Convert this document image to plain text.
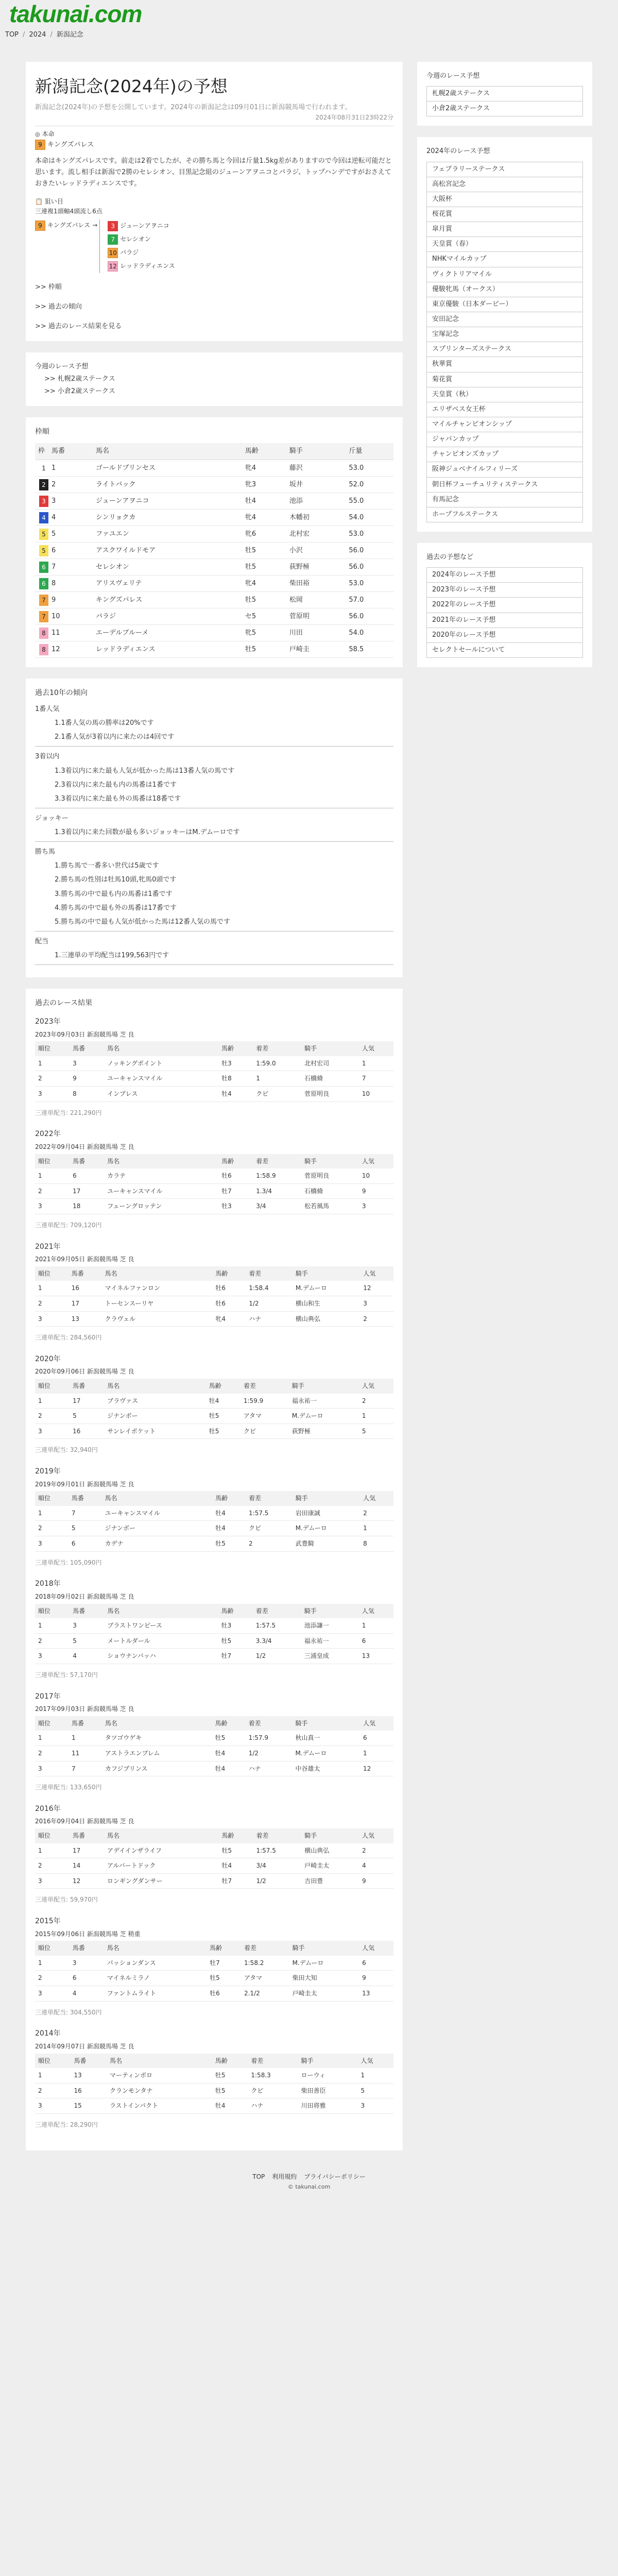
takunai.com
TOP / 2024 / 新潟記念
新潟記念(2024年)の予想
新潟記念(2024年)の予想を公開しています。2024年の新潟記念は09月01日に新潟競馬場で行われます。
2024年08月31日23時22分
◎ 本命
9 キングズパレス
本命はキングズパレスです。前走は2着でしたが、その勝ち馬と今回は斤量1.5kg差がありますので今回は逆転可能だと思います。流し相手は新潟で2勝のセレシオン、目黒記念組のジューンアヲニコとバラジ、トップハンデですがおさえておきたいレッドラディエンスです。
📋 狙い目
三連複1頭軸4頭流し6点
9 キングズパレス →	3 ジューンアヲニコ
7 セレシオン
10 バラジ
12 レッドラディエンス
>> 枠順
>> 過去の傾向
>> 過去のレース結果を見る
今週のレース予想
>> 札幌2歳ステークス
>> 小倉2歳ステークス
枠順
枠	馬番	馬名	馬齢	騎手	斤量
1	1	ゴールドプリンセス	牝4	藤沢	53.0
2	2	ライトバック	牝3	坂井	52.0
3	3	ジューンアヲニコ	牡4	池添	55.0
4	4	シンリョクカ	牝4	木幡初	54.0
5	5	ファユエン	牝6	北村宏	53.0
5	6	アスクワイルドモア	牡5	小沢	56.0
6	7	セレシオン	牡5	荻野極	56.0
6	8	アリスヴェリテ	牝4	柴田裕	53.0
7	9	キングズパレス	牡5	松岡	57.0
7	10	バラジ	セ5	菅原明	56.0
8	11	エーデルブルーメ	牝5	川田	54.0
8	12	レッドラディエンス	牡5	戸崎圭	58.5
過去10年の傾向
1番人気
1.1番人気の馬の勝率は20%です
2.1番人気が3着以内に来たのは4回です
3着以内
1.3着以内に来た最も人気が低かった馬は13番人気の馬です
2.3着以内に来た最も内の馬番は1番です
3.3着以内に来た最も外の馬番は18番です
ジョッキー
1.3着以内に来た回数が最も多いジョッキーはM.デムーロです
勝ち馬
1.勝ち馬で一番多い世代は5歳です
2.勝ち馬の性別は牡馬10頭,牝馬0頭です
3.勝ち馬の中で最も内の馬番は1番です
4.勝ち馬の中で最も外の馬番は17番です
5.勝ち馬の中で最も人気が低かった馬は12番人気の馬です
配当
1.三連単の平均配当は199,563円です
過去のレース結果
2023年
2023年09月03日 新潟競馬場 芝 良
順位	馬番	馬名	馬齢	着差	騎手	人気
1	3	ノッキングポイント	牡3	1:59.0	北村宏司	1
2	9	ユーキャンスマイル	牡8	1	石橋脩	7
3	8	インプレス	牡4	クビ	菅原明良	10
三連単配当: 221,290円
2022年
2022年09月04日 新潟競馬場 芝 良
順位	馬番	馬名	馬齢	着差	騎手	人気
1	6	カラテ	牡6	1:58.9	菅原明良	10
2	17	ユーキャンスマイル	牡7	1.3/4	石橋脩	9
3	18	フェーングロッテン	牡3	3/4	松若風馬	3
三連単配当: 709,120円
2021年
2021年09月05日 新潟競馬場 芝 良
順位	馬番	馬名	馬齢	着差	騎手	人気
1	16	マイネルファンロン	牡6	1:58.4	M.デムーロ	12
2	17	トーセンスーリヤ	牡6	1/2	横山和生	3
3	13	クラヴェル	牝4	ハナ	横山典弘	2
三連単配当: 284,560円
2020年
2020年09月06日 新潟競馬場 芝 良
順位	馬番	馬名	馬齢	着差	騎手	人気
1	17	ブラヴァス	牡4	1:59.9	福永祐一	2
2	5	ジナンボー	牡5	アタマ	M.デムーロ	1
3	16	サンレイポケット	牡5	クビ	荻野極	5
三連単配当: 32,940円
2019年
2019年09月01日 新潟競馬場 芝 良
順位	馬番	馬名	馬齢	着差	騎手	人気
1	7	ユーキャンスマイル	牡4	1:57.5	岩田康誠	2
2	5	ジナンボー	牡4	クビ	M.デムーロ	1
3	6	カデナ	牡5	2	武豊騎	8
三連単配当: 105,090円
2018年
2018年09月02日 新潟競馬場 芝 良
順位	馬番	馬名	馬齢	着差	騎手	人気
1	3	ブラストワンピース	牡3	1:57.5	池添謙一	1
2	5	メートルダール	牡5	3.3/4	福永祐一	6
3	4	ショウナンバッハ	牡7	1/2	三浦皇成	13
三連単配当: 57,170円
2017年
2017年09月03日 新潟競馬場 芝 良
順位	馬番	馬名	馬齢	着差	騎手	人気
1	1	タツゴウゲキ	牡5	1:57.9	秋山真一	6
2	11	アストラエンブレム	牡4	1/2	M.デムーロ	1
3	7	カフジプリンス	牡4	ハナ	中谷雄太	12
三連単配当: 133,650円
2016年
2016年09月04日 新潟競馬場 芝 良
順位	馬番	馬名	馬齢	着差	騎手	人気
1	17	アデイインザライフ	牡5	1:57.5	横山典弘	2
2	14	アルバートドック	牡4	3/4	戸崎圭太	4
3	12	ロンギングダンサー	牡7	1/2	吉田豊	9
三連単配当: 59,970円
2015年
2015年09月06日 新潟競馬場 芝 稍重
順位	馬番	馬名	馬齢	着差	騎手	人気
1	3	パッションダンス	牡7	1:58.2	M.デムーロ	6
2	6	マイネルミラノ	牡5	アタマ	柴田大知	9
3	4	ファントムライト	牡6	2.1/2	戸崎圭太	13
三連単配当: 304,550円
2014年
2014年09月07日 新潟競馬場 芝 良
順位	馬番	馬名	馬齢	着差	騎手	人気
1	13	マーティンボロ	牡5	1:58.3	ローウィ	1
2	16	クランモンタナ	牡5	クビ	柴田善臣	5
3	15	ラストインパクト	牡4	ハナ	川田将雅	3
三連単配当: 28,290円
今週のレース予想
札幌2歳ステークス
小倉2歳ステークス
2024年のレース予想
フェブラリーステークス
高松宮記念
大阪杯
桜花賞
皐月賞
天皇賞（春）
NHKマイルカップ
ヴィクトリアマイル
優駿牝馬（オークス）
東京優駿（日本ダービー）
安田記念
宝塚記念
スプリンターズステークス
秋華賞
菊花賞
天皇賞（秋）
エリザベス女王杯
マイルチャンピオンシップ
ジャパンカップ
チャンピオンズカップ
阪神ジュベナイルフィリーズ
朝日杯フューチュリティステークス
有馬記念
ホープフルステークス
過去の予想など
2024年のレース予想
2023年のレース予想
2022年のレース予想
2021年のレース予想
2020年のレース予想
セレクトセールについて
TOP 利用規約 プライバシーポリシー
© takunai.com
